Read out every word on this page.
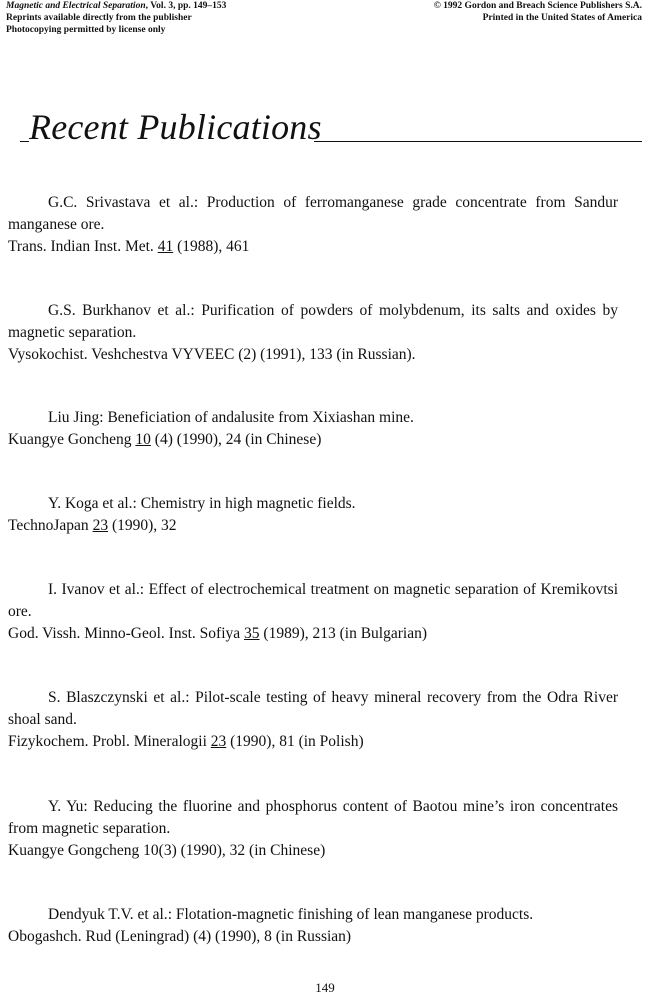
Magnetic and Electrical Separation, Vol. 3, pp. 149–153
Reprints available directly from the publisher
Photocopying permitted by license only
© 1992 Gordon and Breach Science Publishers S.A.
Printed in the United States of America
Recent Publications

G.C. Srivastava et al.: Production of ferromanganese grade concentrate from Sandur manganese ore.

Trans. Indian Inst. Met. 41 (1988), 461

G.S. Burkhanov et al.: Purification of powders of molybdenum, its salts and oxides by magnetic separation.

Vysokochist. Veshchestva VYVEEC (2) (1991), 133 (in Russian).

Liu Jing: Beneficiation of andalusite from Xixiashan mine.

Kuangye Goncheng 10 (4) (1990), 24 (in Chinese)

Y. Koga et al.: Chemistry in high magnetic fields.

TechnoJapan 23 (1990), 32

I. Ivanov et al.: Effect of electrochemical treatment on magnetic separation of Kremikovtsi ore.

God. Vissh. Minno-Geol. Inst. Sofiya 35 (1989), 213 (in Bulgarian)

S. Blaszczynski et al.: Pilot-scale testing of heavy mineral recovery from the Odra River shoal sand.

Fizykochem. Probl. Mineralogii 23 (1990), 81 (in Polish)

Y. Yu: Reducing the fluorine and phosphorus content of Baotou mine’s iron concentrates from magnetic separation.

Kuangye Gongcheng 10(3) (1990), 32 (in Chinese)

Dendyuk T.V. et al.: Flotation-magnetic finishing of lean manganese products.

Obogashch. Rud (Leningrad) (4) (1990), 8 (in Russian)

149
